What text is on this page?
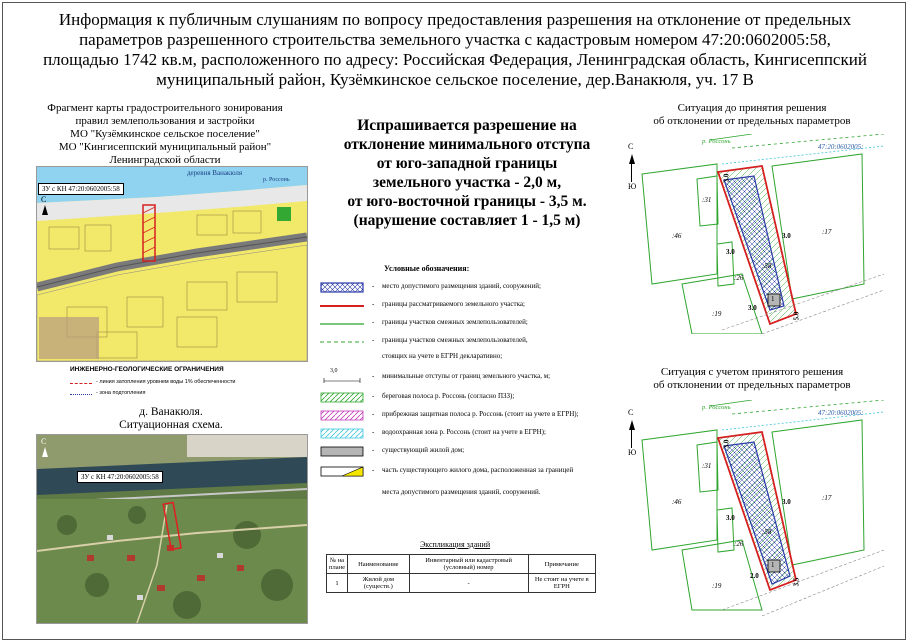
Информация к публичным слушаниям по вопросу предоставления разрешения на отклонение от предельных
параметров разрешенного строительства земельного участка с кадастровым номером 47:20:0602005:58,
площадью 1742 кв.м, расположенного по адресу: Российская Федерация, Ленинградская область, Кингисеппский
муниципальный район, Кузёмкинское сельское поселение, дер.Ванакюля, уч. 17 В
Фрагмент карты градостроительного зонирования
правил землепользования и застройки
МО "Кузёмкинское сельское поселение"
МО "Кингисеппский муниципальный район"
Ленинградской области
ЗУ с КН 47:20:0602005:58
деревня Ванакюля
р. Россонь
С
ИНЖЕНЕРНО-ГЕОЛОГИЧЕСКИЕ ОГРАНИЧЕНИЯ
- линия затопления уровнем воды 1% обеспеченности
- зона подтопления
д. Ванакюля.
Ситуационная схема.
ЗУ с КН 47:20:0602005:58
С
Испрашивается разрешение на
отклонение минимального отступа
от юго-западной границы
земельного участка - 2,0 м,
от юго-восточной границы - 3,5 м.
(нарушение составляет 1 - 1,5 м)
Условные обозначения:
- место допустимого размещения зданий, сооружений;
- границы рассматриваемого земельного участка;
- границы участков смежных землепользователей;
- границы участков смежных землепользователей,
стоящих на учете в ЕГРН декларативно;
3,0
- минимальные отступы от границ земельного участка, м;
- береговая полоса р. Россонь (согласно ПЗЗ);
- прибрежная защитная полоса р. Россонь (стоит на учете в ЕГРН);
- водоохранная зона р. Россонь (стоит на учете в ЕГРН);
- существующий жилой дом;
- часть существующего жилого дома, расположенная за границей
места допустимого размещения зданий, сооружений.
Экспликация зданий
№ на плане	Наименование	Инвентарный или кадастровый (условный) номер	Примечание
1	Жилой дом (существ.)	-	Не стоит на учете в ЕГРН
Ситуация до принятия решения
об отклонении от предельных параметров
р. Россонь
47:20:0602005:
С
Ю
:31
:46
:26
:17
:19
:58
1
3.0
3.0
3.0
3.0
5.0
Ситуация с учетом принятого решения
об отклонении от предельных параметров
р. Россонь
47:20:0602005:
С
Ю
:31
:46
:26
:17
:19
:58
1
3.0
3.0
3.0
2.0
3.5
